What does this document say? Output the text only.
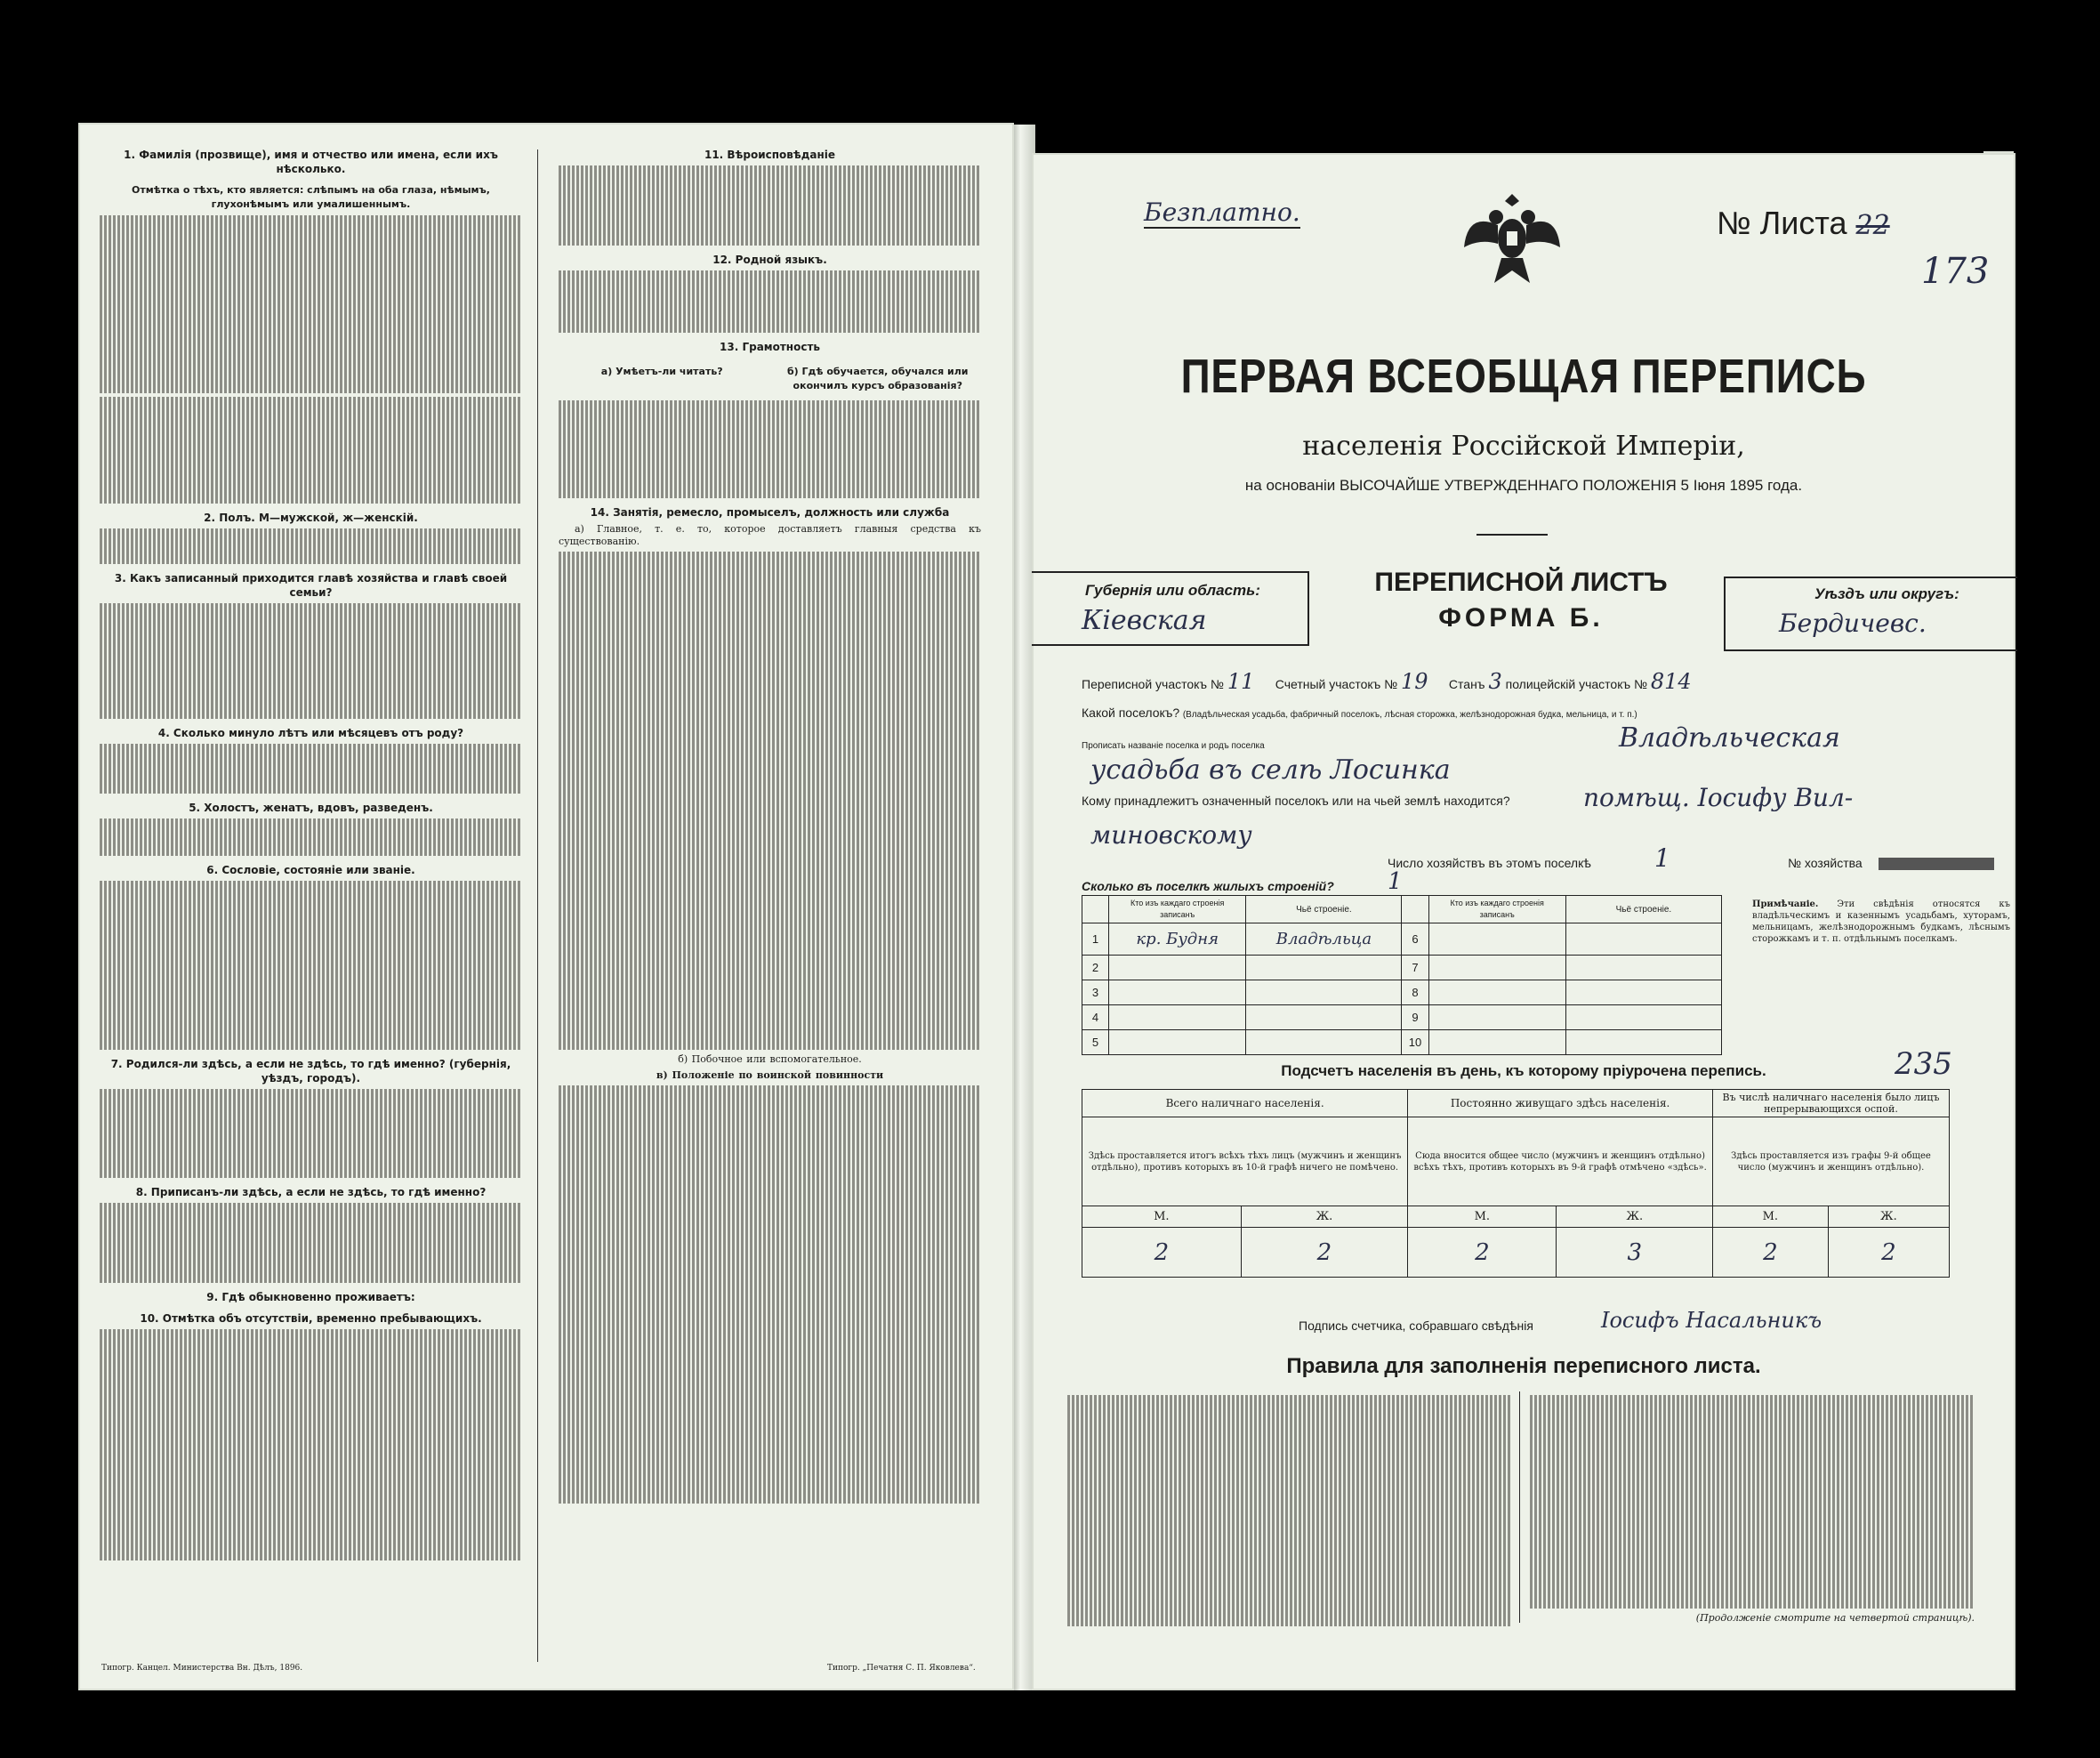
1. Фамилія (прозвище), имя и отчество или имена, если ихъ нѣсколько.
Отмѣтка о тѣхъ, кто является: слѣпымъ на оба глаза, нѣмымъ, глухонѣмымъ или умалишеннымъ.
2. Полъ. М—мужской, ж—женскій.
3. Какъ записанный приходится главѣ хозяйства и главѣ своей семьи?
4. Сколько минуло лѣтъ или мѣсяцевъ отъ роду?
5. Холостъ, женатъ, вдовъ, разведенъ.
6. Сословіе, состояніе или званіе.
7. Родился-ли здѣсь, а если не здѣсь, то гдѣ именно? (губернія, уѣздъ, городъ).
8. Приписанъ-ли здѣсь, а если не здѣсь, то гдѣ именно?
9. Гдѣ обыкновенно проживаетъ:
10. Отмѣтка объ отсутствіи, временно пребывающихъ.
Типогр. Канцел. Министерства Вн. Дѣлъ, 1896.
11. Вѣроисповѣданіе
12. Родной языкъ.
13. Грамотность
а) Умѣетъ-ли читать?	б) Гдѣ обучается, обучался или окончилъ курсъ образованія?
14. Занятія, ремесло, промыселъ, должность или служба

а) Главное, т. е. то, которое доставляетъ главныя средства къ существованію.

б) Побочное или вспомогательное.

в) Положеніе по воинской повинности

Типогр. „Печатня С. П. Яковлева“.
Безплатно.	№ Листа 22
173
ПЕРВАЯ ВСЕОБЩАЯ ПЕРЕПИСЬ
населенія Россійской Имперіи,
на основаніи ВЫСОЧАЙШЕ УТВЕРЖДЕННАГО ПОЛОЖЕНІЯ 5 Іюня 1895 года.
Губернія или область:
Кіевская
ПЕРЕПИСНОЙ ЛИСТЪ
ФОРМА Б.
Уѣздъ или округъ:
Бердичевс.
Переписной участокъ № 11 Счетный участокъ № 19 Станъ 3 полицейскій участокъ № 814
Какой поселокъ? (Владѣльческая усадьба, фабричный поселокъ, лѣсная сторожка, желѣзнодорожная будка, мельница, и т. п.)
Прописать названіе поселка и родъ поселка	Владѣльческая
усадьба въ селѣ Лосинка
Кому принадлежитъ означенный поселокъ или на чьей землѣ находится?	помѣщ. Іосифу Вил-
миновскому
Число хозяйствъ въ этомъ поселкѣ	1	№ хозяйства
Сколько въ поселкѣ жилыхъ строеній? 1
	Кто изъ каждаго строенія записанъ	Чьё строеніе.		Кто изъ каждаго строенія записанъ	Чьё строеніе.
1	кр. Будня	Владѣльца	6		
2			7		
3			8		
4			9		
5			10		
Примѣчаніе. Эти свѣдѣнія относятся къ владѣльческимъ и казеннымъ усадьбамъ, хуторамъ, мельницамъ, желѣзнодорожнымъ будкамъ, лѣснымъ сторожкамъ и т. п. отдѣльнымъ поселкамъ.
Подсчетъ населенія въ день, къ которому пріурочена перепись.	235
Всего наличнаго населенія.		Постоянно живущаго здѣсь населенія.		Въ числѣ наличнаго населенія было лицъ непрерывающихся оспой.	
Здѣсь проставляется итогъ всѣхъ тѣхъ лицъ (мужчинъ и женщинъ отдѣльно), противъ которыхъ въ 10-й графѣ ничего не помѣчено.		Сюда вносится общее число (мужчинъ и женщинъ отдѣльно) всѣхъ тѣхъ, противъ которыхъ въ 9-й графѣ отмѣчено «здѣсь».		Здѣсь проставляется изъ графы 9-й общее число (мужчинъ и женщинъ отдѣльно).	
М.	Ж.	М.	Ж.	М.	Ж.
2	2	2	3	2	2
Подпись счетчика, собравшаго свѣдѣнія	Іосифъ Насальникъ
Правила для заполненія переписного листа.
(Продолженіе смотрите на четвертой страницѣ).
